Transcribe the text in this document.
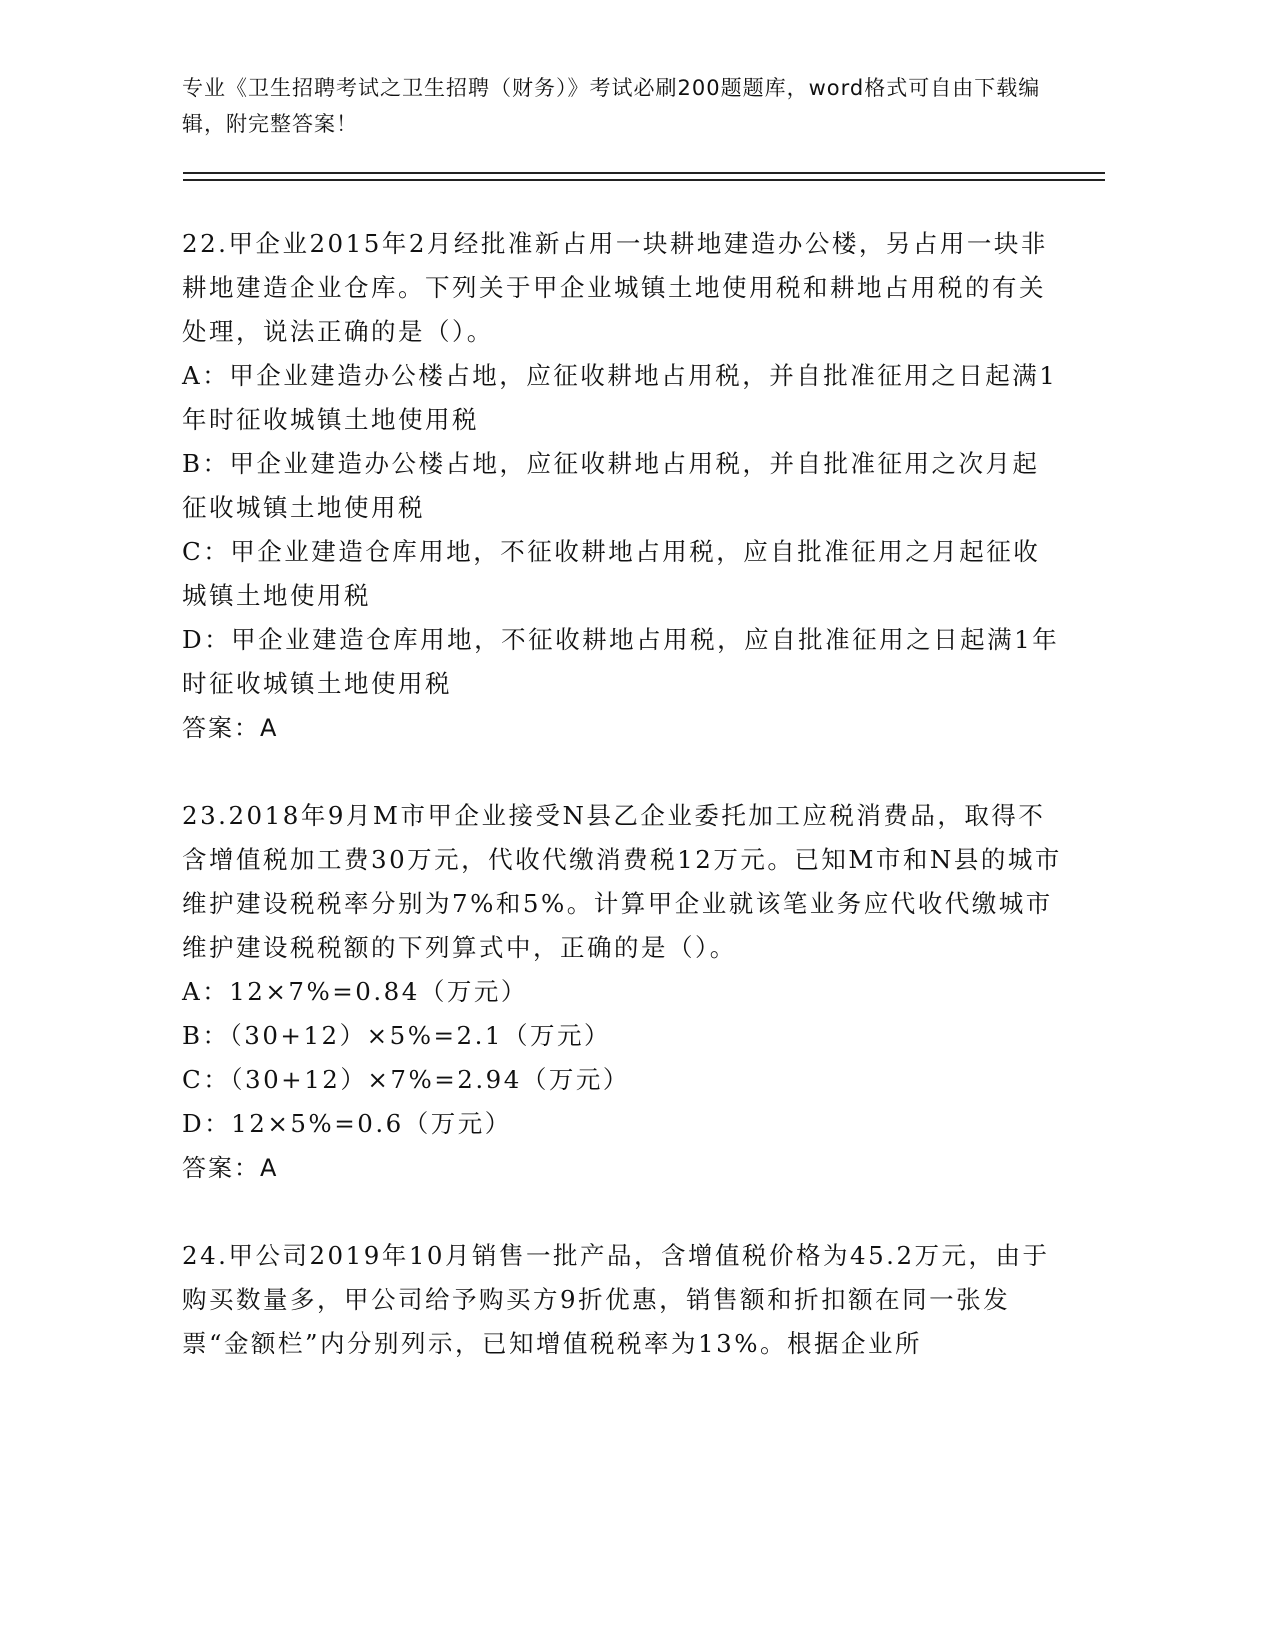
专业《卫生招聘考试之卫生招聘（财务）》考试必刷200题题库，word格式可自由下载编辑，附完整答案！

22.甲企业2015年2月经批准新占用一块耕地建造办公楼，另占用一块非耕地建造企业仓库。下列关于甲企业城镇土地使用税和耕地占用税的有关处理，说法正确的是（）。

A：甲企业建造办公楼占地，应征收耕地占用税，并自批准征用之日起满1年时征收城镇土地使用税

B：甲企业建造办公楼占地，应征收耕地占用税，并自批准征用之次月起征收城镇土地使用税

C：甲企业建造仓库用地，不征收耕地占用税，应自批准征用之月起征收城镇土地使用税

D：甲企业建造仓库用地，不征收耕地占用税，应自批准征用之日起满1年时征收城镇土地使用税

答案：A

23.2018年9月M市甲企业接受N县乙企业委托加工应税消费品，取得不含增值税加工费30万元，代收代缴消费税12万元。已知M市和N县的城市维护建设税税率分别为7%和5%。计算甲企业就该笔业务应代收代缴城市维护建设税税额的下列算式中，正确的是（）。

A：12×7%=0.84（万元）

B：（30+12）×5%=2.1（万元）

C：（30+12）×7%=2.94（万元）

D：12×5%=0.6（万元）

答案：A

24.甲公司2019年10月销售一批产品，含增值税价格为45.2万元，由于购买数量多，甲公司给予购买方9折优惠，销售额和折扣额在同一张发票“金额栏”内分别列示，已知增值税税率为13%。根据企业所
